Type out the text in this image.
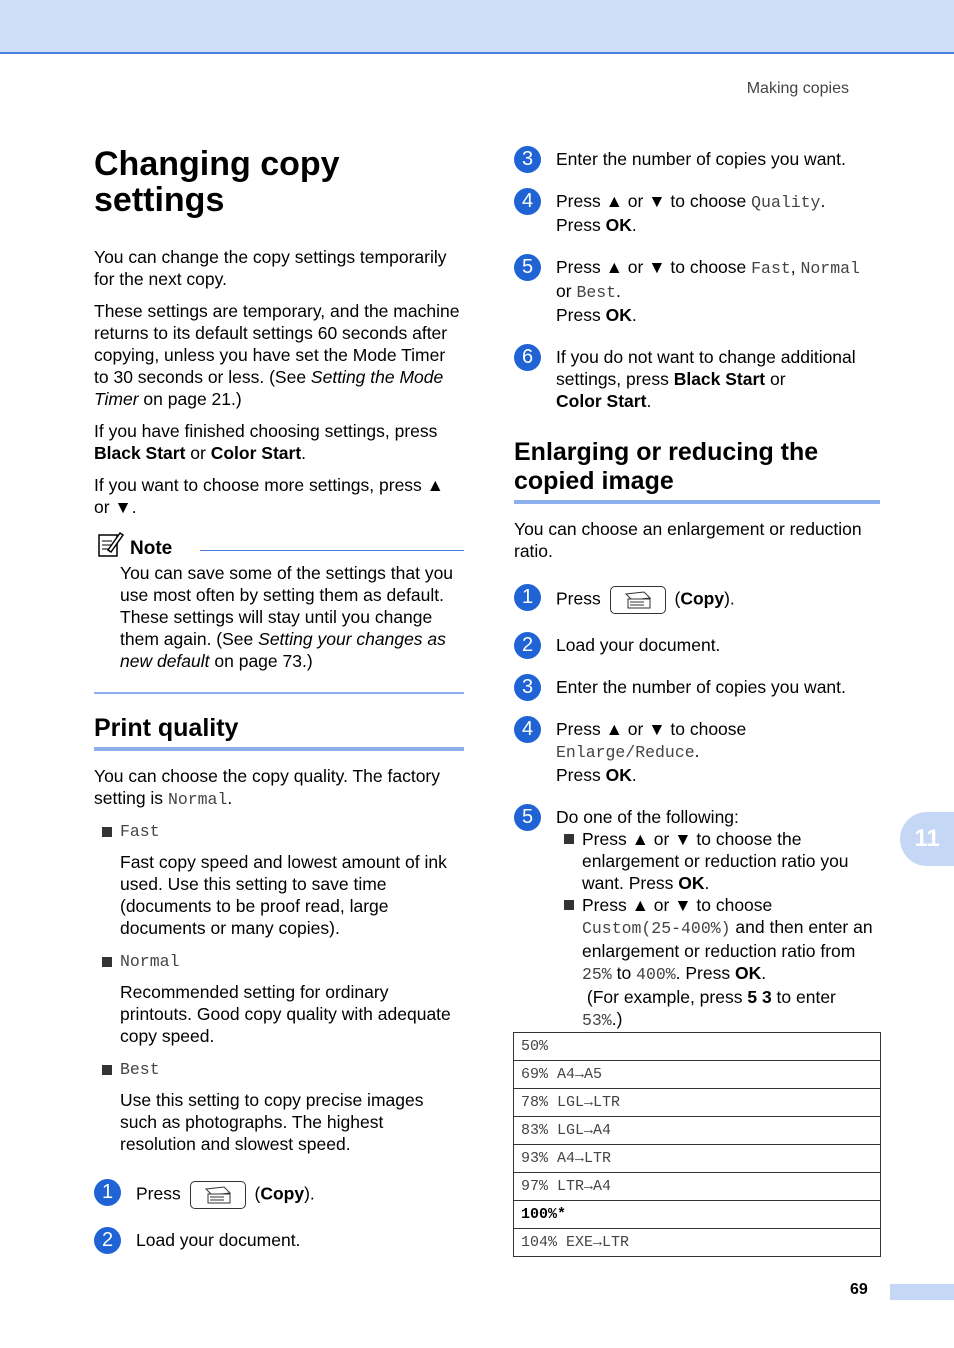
Making copies
Changing copy settings

You can change the copy settings temporarily for the next copy.

These settings are temporary, and the machine returns to its default settings 60 seconds after copying, unless you have set the Mode Timer to 30 seconds or less. (See Setting the Mode Timer on page 21.)

If you have finished choosing settings, press Black Start or Color Start.

If you want to choose more settings, press ▲ or ▼.

Note

You can save some of the settings that you use most often by setting them as default. These settings will stay until you change them again. (See Setting your changes as new default on page 73.)

Print quality

You can choose the copy quality. The factory setting is Normal.

Fast

Fast copy speed and lowest amount of ink used. Use this setting to save time (documents to be proof read, large documents or many copies).

Normal

Recommended setting for ordinary printouts. Good copy quality with adequate copy speed.

Best

Use this setting to copy precise images such as photographs. The highest resolution and slowest speed.

1	Press	(Copy).
2	Load your document.
3	Enter the number of copies you want.
4	Press ▲ or ▼ to choose Quality.
Press OK.
5	Press ▲ or ▼ to choose Fast, Normal
or Best.
Press OK.
6	If you do not want to change additional settings, press Black Start or
Color Start.
Enlarging or reducing the copied image

You can choose an enlargement or reduction ratio.

1	Press	(Copy).
2	Load your document.
3	Enter the number of copies you want.
4	Press ▲ or ▼ to choose
Enlarge/Reduce.
Press OK.
5	Do one of the following:
Press ▲ or ▼ to choose the enlargement or reduction ratio you want. Press OK.
Press ▲ or ▼ to choose
Custom(25-400%) and then enter an enlargement or reduction ratio from 25% to 400%. Press OK.
(For example, press 5 3 to enter
53%.)
50%
69% A4→A5
78% LGL→LTR
83% LGL→A4
93% A4→LTR
97% LTR→A4
100%*
104% EXE→LTR
11
69
